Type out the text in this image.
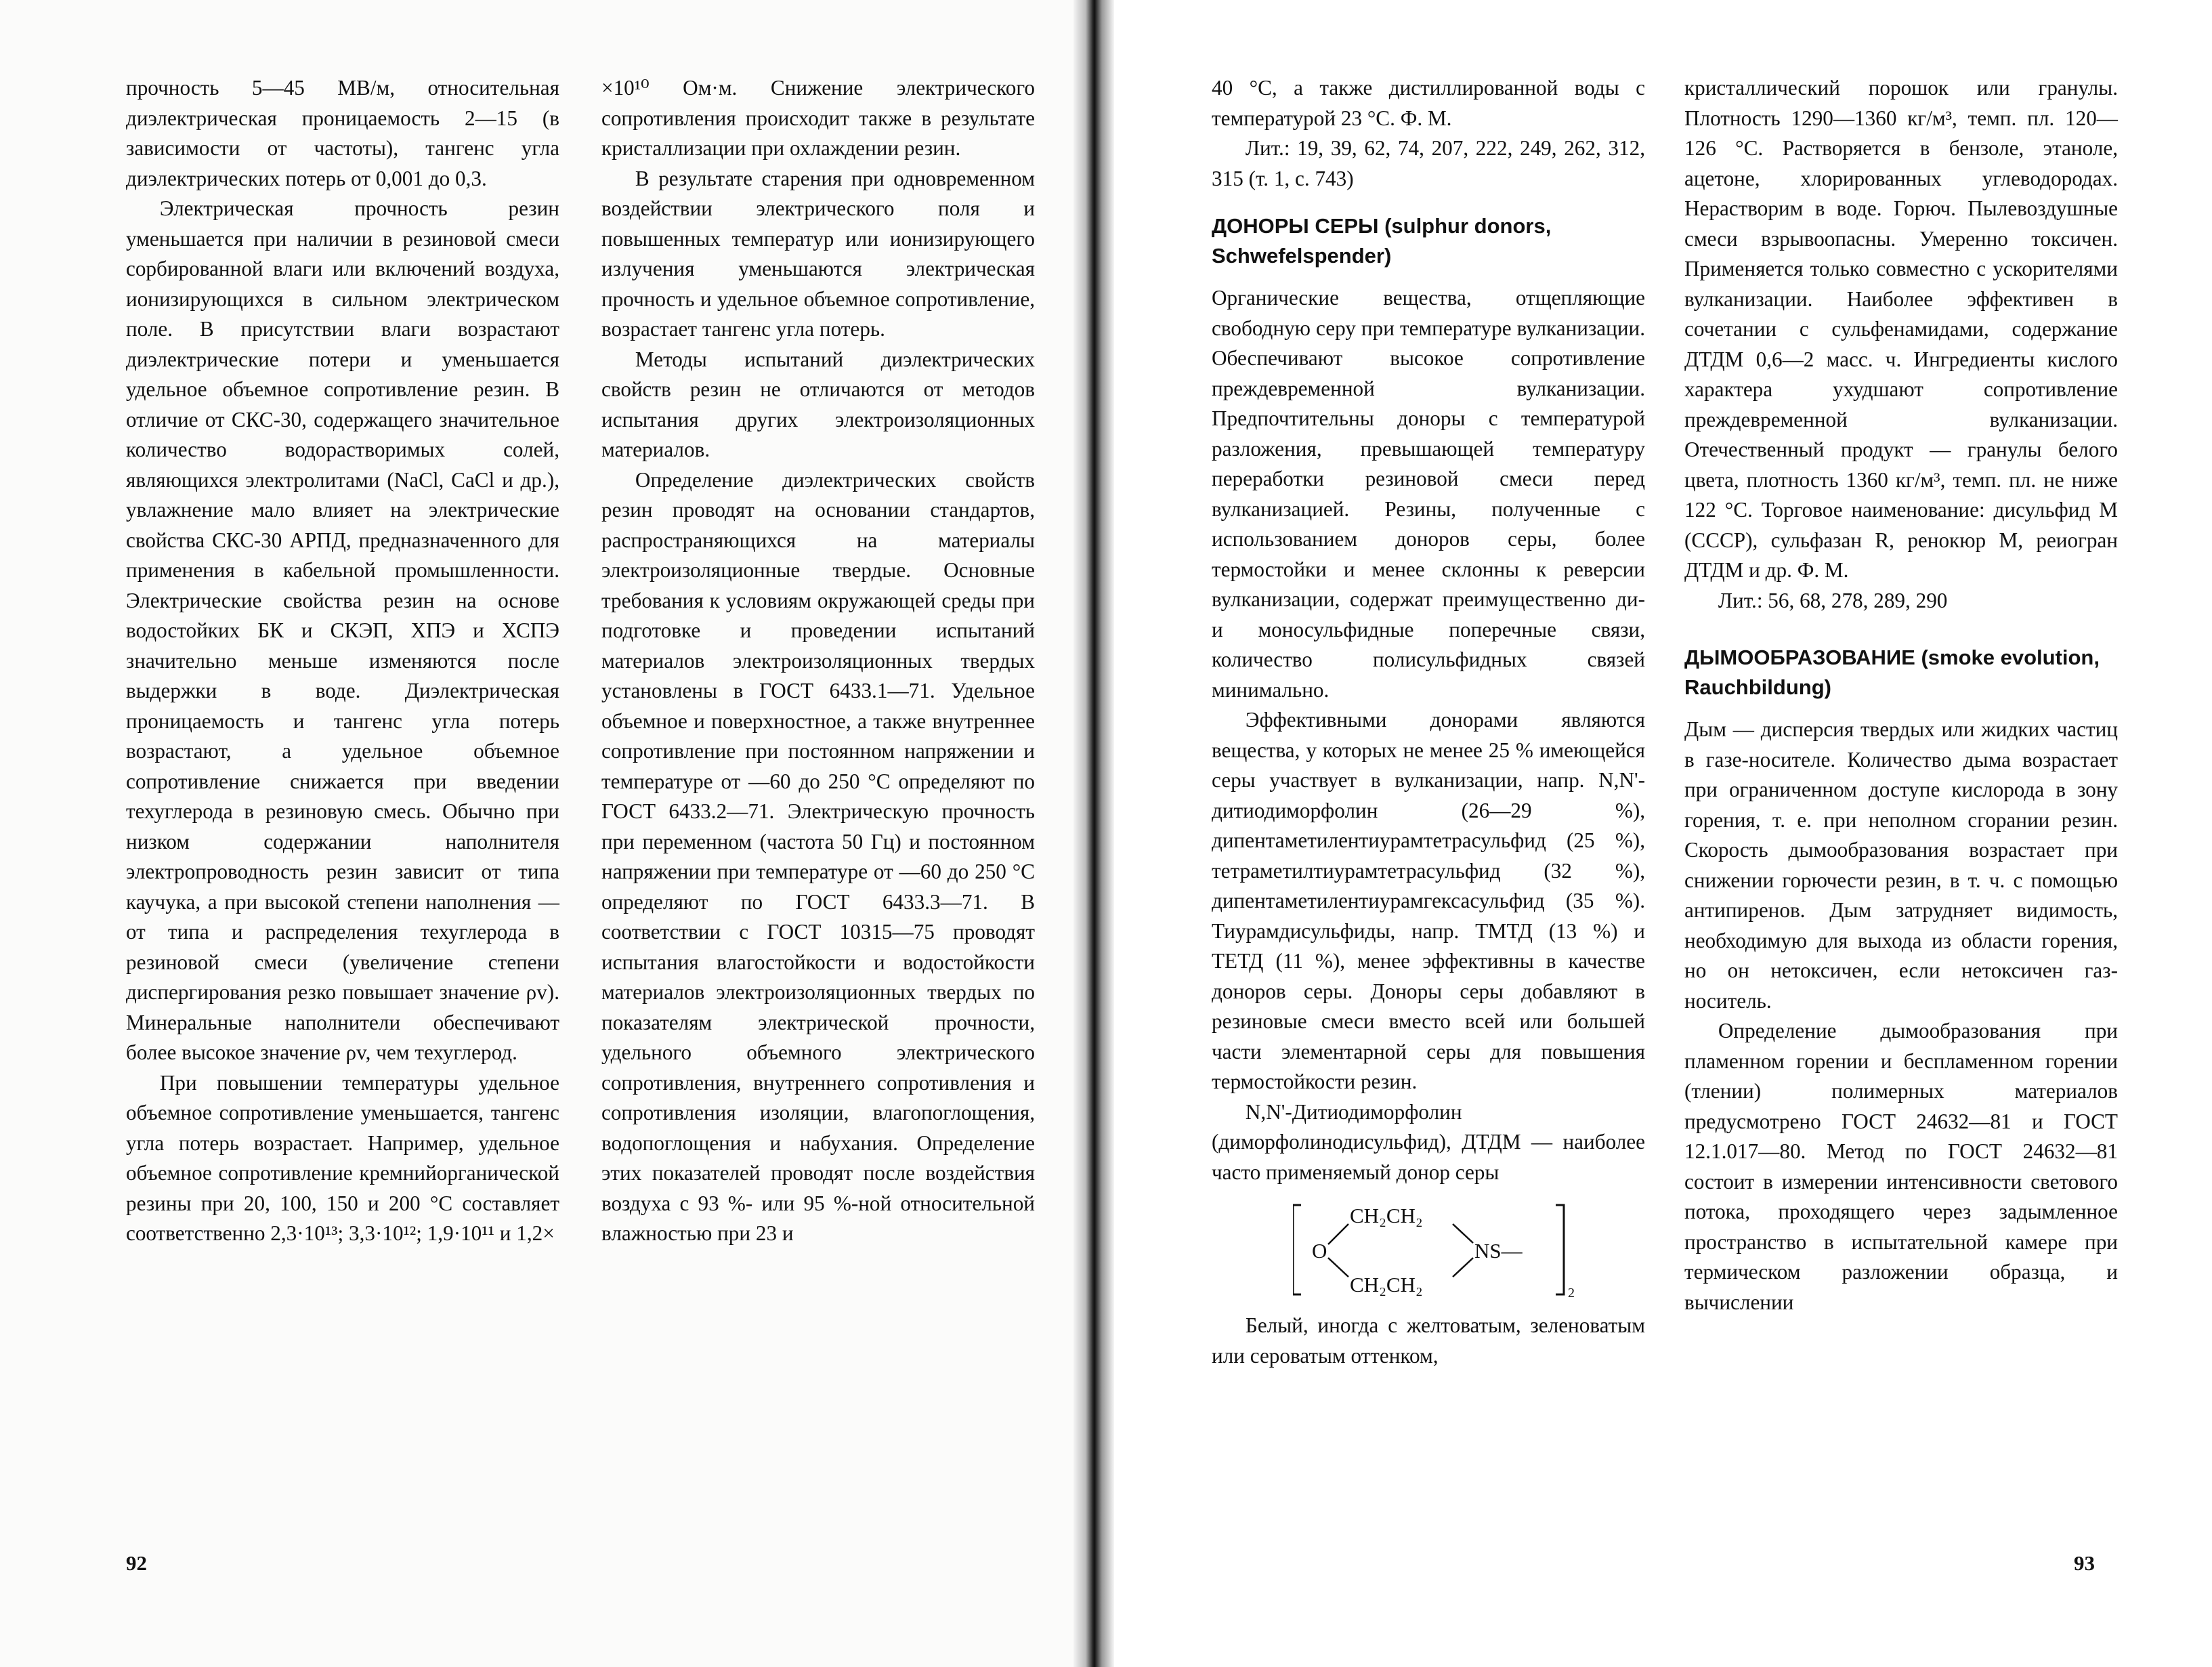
прочность 5—45 МВ/м, относительная диэлектрическая проницаемость 2—15 (в зависимости от частоты), тангенс угла диэлектрических потерь от 0,001 до 0,3.

Электрическая прочность резин уменьшается при наличии в резиновой смеси сорбированной влаги или включений воздуха, ионизирующихся в сильном электрическом поле. В присутствии влаги возрастают диэлектрические потери и уменьшается удельное объемное сопротивление резин. В отличие от СКС-30, содержащего значительное количество водорастворимых солей, являющихся электролитами (NaCl, CaCl и др.), увлажнение мало влияет на электрические свойства СКС-30 АРПД, предназначенного для применения в кабельной промышленности. Электрические свойства резин на основе водостойких БК и СКЭП, ХПЭ и ХСПЭ значительно меньше изменяются после выдержки в воде. Диэлектрическая проницаемость и тангенс угла потерь возрастают, а удельное объемное сопротивление снижается при введении техуглерода в резиновую смесь. Обычно при низком содержании наполнителя электропроводность резин зависит от типа каучука, а при высокой степени наполнения — от типа и распределения техуглерода в резиновой смеси (увеличение степени диспергирования резко повышает значение ρv). Минеральные наполнители обеспечивают более высокое значение ρv, чем техуглерод.

При повышении температуры удельное объемное сопротивление уменьшается, тангенс угла потерь возрастает. Например, удельное объемное сопротивление кремнийорганической резины при 20, 100, 150 и 200 °С составляет соответственно 2,3·10¹³; 3,3·10¹²; 1,9·10¹¹ и 1,2×

×10¹⁰ Ом·м. Снижение электрического сопротивления происходит также в результате кристаллизации при охлаждении резин.

В результате старения при одновременном воздействии электрического поля и повышенных температур или ионизирующего излучения уменьшаются электрическая прочность и удельное объемное сопротивление, возрастает тангенс угла потерь.

Методы испытаний диэлектрических свойств резин не отличаются от методов испытания других электроизоляционных материалов.

Определение диэлектрических свойств резин проводят на основании стандартов, распространяющихся на материалы электроизоляционные твердые. Основные требования к условиям окружающей среды при подготовке и проведении испытаний материалов электроизоляционных твердых установлены в ГОСТ 6433.1—71. Удельное объемное и поверхностное, а также внутреннее сопротивление при постоянном напряжении и температуре от —60 до 250 °С определяют по ГОСТ 6433.2—71. Электрическую прочность при переменном (частота 50 Гц) и постоянном напряжении при температуре от —60 до 250 °С определяют по ГОСТ 6433.3—71. В соответствии с ГОСТ 10315—75 проводят испытания влагостойкости и водостойкости материалов электроизоляционных твердых по показателям электрической прочности, удельного объемного электрического сопротивления, внутреннего сопротивления и сопротивления изоляции, влагопоглощения, водопоглощения и набухания. Определение этих показателей проводят после воздействия воздуха с 93 %- или 95 %-ной относительной влажностью при 23 и

92

40 °С, а также дистиллированной воды с температурой 23 °С. Ф. М.

Лит.: 19, 39, 62, 74, 207, 222, 249, 262, 312, 315 (т. 1, с. 743)

ДОНОРЫ СЕРЫ (sulphur donors, Schwefelspender)

Органические вещества, отщепляющие свободную серу при температуре вулканизации. Обеспечивают высокое сопротивление преждевременной вулканизации. Предпочтительны доноры с температурой разложения, превышающей температуру переработки резиновой смеси перед вулканизацией. Резины, полученные с использованием доноров серы, более термостойки и менее склонны к реверсии вулканизации, содержат преимущественно ди- и моносульфидные поперечные связи, количество полисульфидных связей минимально.

Эффективными донорами являются вещества, у которых не менее 25 % имеющейся серы участвует в вулканизации, напр. N,N'-дитиодиморфолин (26—29 %), дипентаметилентиурамтетрасульфид (25 %), тетраметилтиурамтетрасульфид (32 %), дипентаметилентиурамгексасульфид (35 %). Тиурамдисульфиды, напр. ТМТД (13 %) и ТЕТД (11 %), менее эффективны в качестве доноров серы. Доноры серы добавляют в резиновые смеси вместо всей или большей части элементарной серы для повышения термостойкости резин.

N,N'-Дитиодиморфолин (диморфолинодисульфид), ДТДМ — наиболее часто применяемый донор серы

CH₂CH₂
CH₂CH₂
O	NS—
2

Белый, иногда с желтоватым, зеленоватым или сероватым оттенком,

кристаллический порошок или гранулы. Плотность 1290—1360 кг/м³, темп. пл. 120—126 °С. Растворяется в бензоле, этаноле, ацетоне, хлорированных углеводородах. Нерастворим в воде. Горюч. Пылевоздушные смеси взрывоопасны. Умеренно токсичен. Применяется только совместно с ускорителями вулканизации. Наиболее эффективен в сочетании с сульфенамидами, содержание ДТДМ 0,6—2 масс. ч. Ингредиенты кислого характера ухудшают сопротивление преждевременной вулканизации. Отечественный продукт — гранулы белого цвета, плотность 1360 кг/м³, темп. пл. не ниже 122 °С. Торговое наименование: дисульфид М (СССР), сульфазан R, ренокюр М, реиогран ДТДМ и др. Ф. М.

Лит.: 56, 68, 278, 289, 290

ДЫМООБРАЗОВАНИЕ (smoke evolution, Rauchbildung)

Дым — дисперсия твердых или жидких частиц в газе-носителе. Количество дыма возрастает при ограниченном доступе кислорода в зону горения, т. е. при неполном сгорании резин. Скорость дымообразования возрастает при снижении горючести резин, в т. ч. с помощью антипиренов. Дым затрудняет видимость, необходимую для выхода из области горения, но он нетоксичен, если нетоксичен газ-носитель.

Определение дымообразования при пламенном горении и беспламенном горении (тлении) полимерных материалов предусмотрено ГОСТ 24632—81 и ГОСТ 12.1.017—80. Метод по ГОСТ 24632—81 состоит в измерении интенсивности светового потока, проходящего через задымленное пространство в испытательной камере при термическом разложении образца, и вычислении

93
